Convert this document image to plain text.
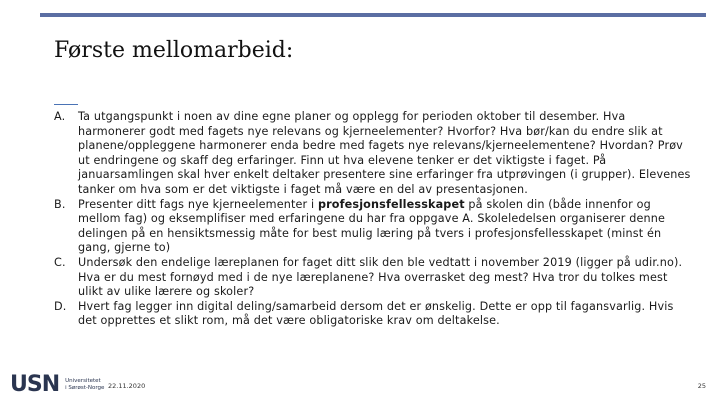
Første mellomarbeid:
A.	Ta utgangspunkt i noen av dine egne planer og opplegg for perioden oktober til desember. Hva harmonerer godt med fagets nye relevans og kjerneelementer? Hvorfor? Hva bør/kan du endre slik at planene/oppleggene harmonerer enda bedre med fagets nye relevans/kjerneelementene? Hvordan? Prøv ut endringene og skaff deg erfaringer. Finn ut hva elevene tenker er det viktigste i faget. På januarsamlingen skal hver enkelt deltaker presentere sine erfaringer fra utprøvingen (i grupper). Elevenes tanker om hva som er det viktigste i faget må være en del av presentasjonen.
B.	Presenter ditt fags nye kjerneelementer i profesjonsfellesskapet på skolen din (både innenfor og mellom fag) og eksemplifiser med erfaringene du har fra oppgave A. Skoleledelsen organiserer denne delingen på en hensiktsmessig måte for best mulig læring på tvers i profesjonsfellesskapet (minst én gang, gjerne to)
C.	Undersøk den endelige læreplanen for faget ditt slik den ble vedtatt i november 2019 (ligger på udir.no). Hva er du mest fornøyd med i de nye læreplanene? Hva overrasket deg mest? Hva tror du tolkes mest ulikt av ulike lærere og skoler?
D.	Hvert fag legger inn digital deling/samarbeid dersom det er ønskelig. Dette er opp til fagansvarlig. Hvis det opprettes et slikt rom, må det være obligatoriske krav om deltakelse.
USN Universitetet
i Sørøst-Norge 22.11.2020	25
